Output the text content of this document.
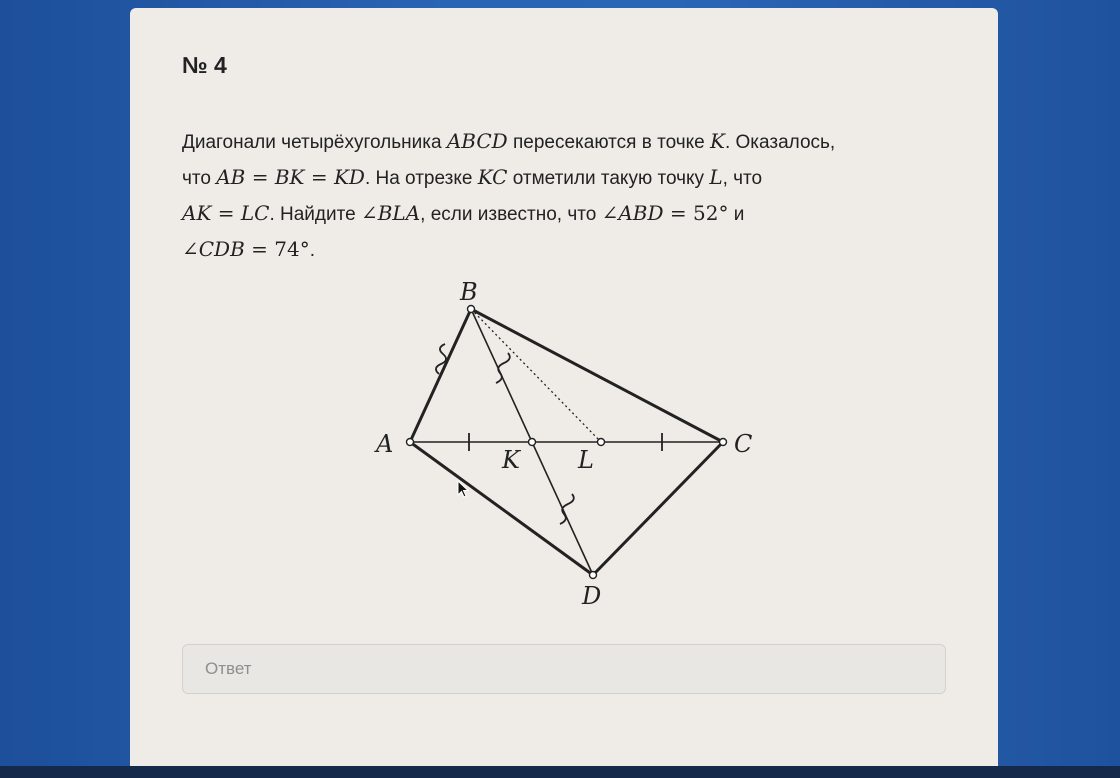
№ 4
Диагонали четырёхугольника ABCD пересекаются в точке K. Оказалось,
что AB = BK = KD. На отрезке KC отметили такую точку L, что
AK = LC. Найдите ∠BLA, если известно, что ∠ABD = 52° и
∠CDB = 74°.
A
B
C
D
K L
Ответ
